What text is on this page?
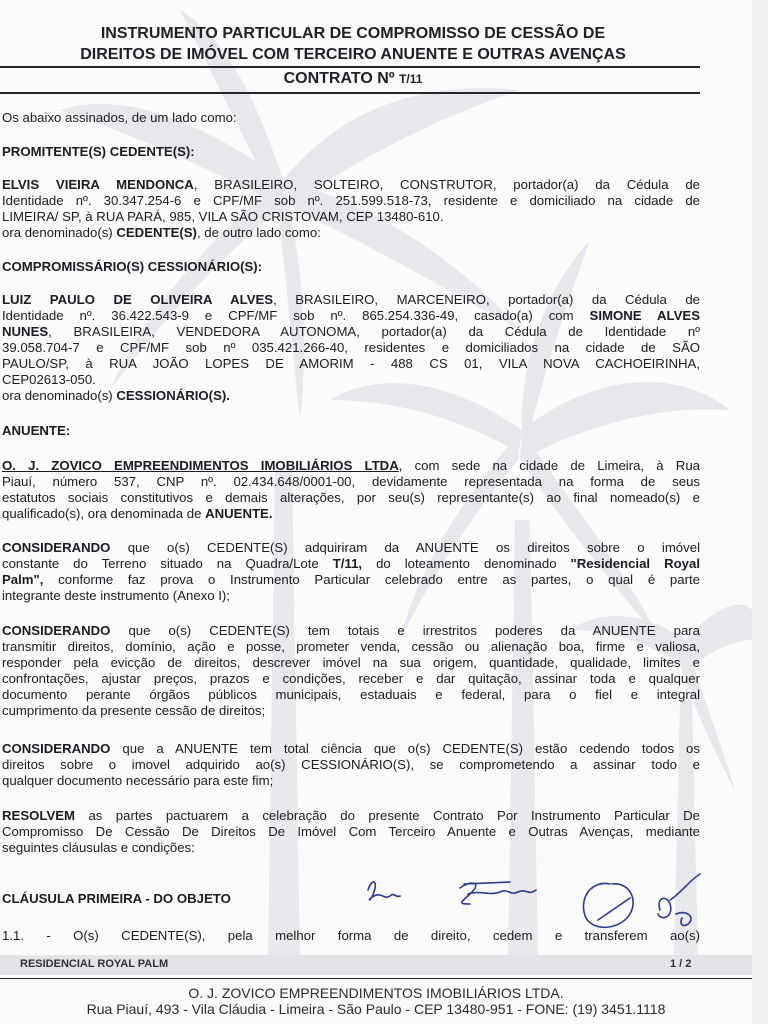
INSTRUMENTO PARTICULAR DE COMPROMISSO DE CESSÃO DE
DIREITOS DE IMÓVEL COM TERCEIRO ANUENTE E OUTRAS AVENÇAS
CONTRATO Nº T/11
Os abaixo assinados, de um lado como:
PROMITENTE(S) CEDENTE(S):
ELVIS VIEIRA MENDONCA, BRASILEIRO, SOLTEIRO, CONSTRUTOR, portador(a) da Cédula de
Identidade nº. 30.347.254-6 e CPF/MF sob nº. 251.599.518-73, residente e domiciliado na cidade de
LIMEIRA/ SP, à RUA PARÁ, 985, VILA SÃO CRISTOVAM, CEP 13480-610.
ora denominado(s) CEDENTE(S), de outro lado como:
COMPROMISSÁRIO(S) CESSIONÁRIO(S):
LUIZ PAULO DE OLIVEIRA ALVES, BRASILEIRO, MARCENEIRO, portador(a) da Cédula de
Identidade nº. 36.422.543-9 e CPF/MF sob nº. 865.254.336-49, casado(a) com SIMONE ALVES
NUNES, BRASILEIRA, VENDEDORA AUTONOMA, portador(a) da Cédula de Identidade nº
39.058.704-7 e CPF/MF sob nº 035.421.266-40, residentes e domiciliados na cidade de SÃO
PAULO/SP, à RUA JOÃO LOPES DE AMORIM - 488 CS 01, VILA NOVA CACHOEIRINHA,
CEP02613-050.
ora denominado(s) CESSIONÁRIO(S).
ANUENTE:
O. J. ZOVICO EMPREENDIMENTOS IMOBILIÁRIOS LTDA, com sede na cidade de Limeira, à Rua
Piauí, número 537, CNP nº. 02.434.648/0001-00, devidamente representada na forma de seus
estatutos sociais constitutivos e demais alterações, por seu(s) representante(s) ao final nomeado(s) e
qualificado(s), ora denominada de ANUENTE.
CONSIDERANDO que o(s) CEDENTE(S) adquiriram da ANUENTE os direitos sobre o imóvel
constante do Terreno situado na Quadra/Lote T/11, do loteamento denominado "Residencial Royal
Palm", conforme faz prova o Instrumento Particular celebrado entre as partes, o qual é parte
integrante deste instrumento (Anexo I);
CONSIDERANDO que o(s) CEDENTE(S) tem totais e irrestritos poderes da ANUENTE para
transmitir direitos, domínio, ação e posse, prometer venda, cessão ou alienação boa, firme e valiosa,
responder pela evicção de direitos, descrever imóvel na sua origem, quantidade, qualidade, limites e
confrontações, ajustar preços, prazos e condições, receber e dar quitação, assinar toda e qualquer
documento perante órgãos públicos municipais, estaduais e federal, para o fiel e integral
cumprimento da presente cessão de direitos;
CONSIDERANDO que a ANUENTE tem total ciência que o(s) CEDENTE(S) estão cedendo todos os
direitos sobre o imovel adquirido ao(s) CESSIONÁRIO(S), se comprometendo a assinar todo e
qualquer documento necessário para este fim;
RESOLVEM as partes pactuarem a celebração do presente Contrato Por Instrumento Particular De
Compromisso De Cessão De Direitos De Imóvel Com Terceiro Anuente e Outras Avenças, mediante
seguintes cláusulas e condições:
CLÁUSULA PRIMEIRA - DO OBJETO
1.1. - O(s) CEDENTE(S), pela melhor forma de direito, cedem e transferem ao(s)
RESIDENCIAL ROYAL PALM	1 / 2
O. J. ZOVICO EMPREENDIMENTOS IMOBILIÁRIOS LTDA.
Rua Piauí, 493 - Vila Cláudia - Limeira - São Paulo - CEP 13480-951 - FONE: (19) 3451.1118
